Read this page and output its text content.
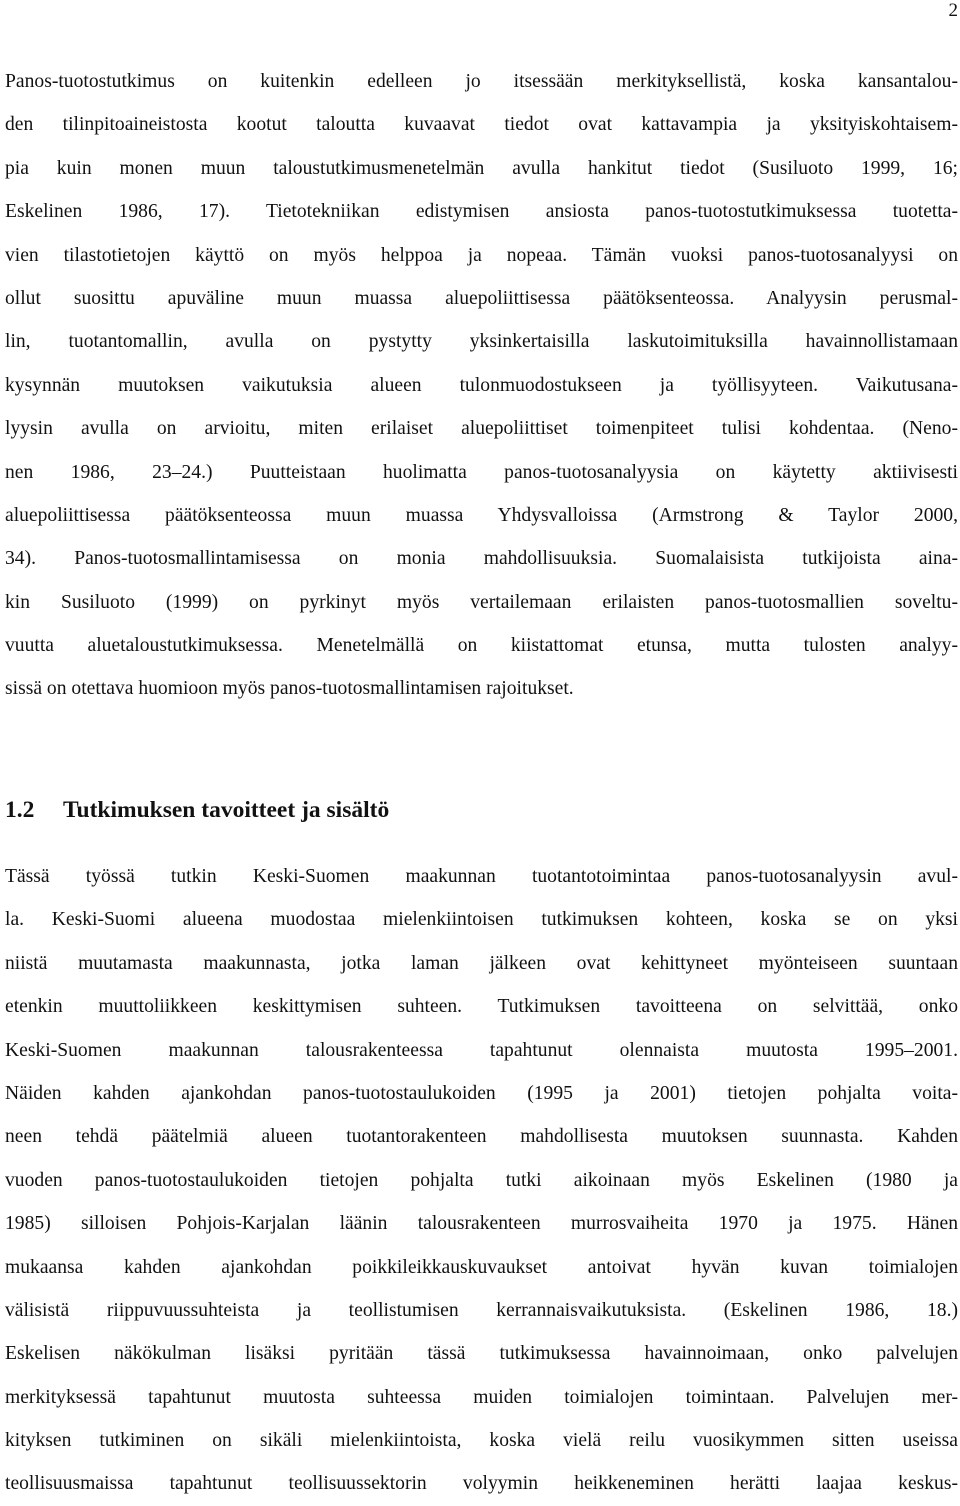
2
Panos-tuotostutkimus on kuitenkin edelleen jo itsessään merkityksellistä, koska kansantalou-
den tilinpitoaineistosta kootut taloutta kuvaavat tiedot ovat kattavampia ja yksityiskohtaisem-
pia kuin monen muun taloustutkimusmenetelmän avulla hankitut tiedot (Susiluoto 1999, 16;
Eskelinen 1986, 17). Tietotekniikan edistymisen ansiosta panos-tuotostutkimuksessa tuotetta-
vien tilastotietojen käyttö on myös helppoa ja nopeaa. Tämän vuoksi panos-tuotosanalyysi on
ollut suosittu apuväline muun muassa aluepoliittisessa päätöksenteossa. Analyysin perusmal-
lin, tuotantomallin, avulla on pystytty yksinkertaisilla laskutoimituksilla havainnollistamaan
kysynnän muutoksen vaikutuksia alueen tulonmuodostukseen ja työllisyyteen. Vaikutusana-
lyysin avulla on arvioitu, miten erilaiset aluepoliittiset toimenpiteet tulisi kohdentaa. (Neno-
nen 1986, 23–24.) Puutteistaan huolimatta panos-tuotosanalyysia on käytetty aktiivisesti
aluepoliittisessa päätöksenteossa muun muassa Yhdysvalloissa (Armstrong & Taylor 2000,
34). Panos-tuotosmallintamisessa on monia mahdollisuuksia. Suomalaisista tutkijoista aina-
kin Susiluoto (1999) on pyrkinyt myös vertailemaan erilaisten panos-tuotosmallien soveltu-
vuutta aluetaloustutkimuksessa. Menetelmällä on kiistattomat etunsa, mutta tulosten analyy-
sissä on otettava huomioon myös panos-tuotosmallintamisen rajoitukset.
1.2 Tutkimuksen tavoitteet ja sisältö
Tässä työssä tutkin Keski-Suomen maakunnan tuotantotoimintaa panos-tuotosanalyysin avul-
la. Keski-Suomi alueena muodostaa mielenkiintoisen tutkimuksen kohteen, koska se on yksi
niistä muutamasta maakunnasta, jotka laman jälkeen ovat kehittyneet myönteiseen suuntaan
etenkin muuttoliikkeen keskittymisen suhteen. Tutkimuksen tavoitteena on selvittää, onko
Keski-Suomen maakunnan talousrakenteessa tapahtunut olennaista muutosta 1995–2001.
Näiden kahden ajankohdan panos-tuotostaulukoiden (1995 ja 2001) tietojen pohjalta voita-
neen tehdä päätelmiä alueen tuotantorakenteen mahdollisesta muutoksen suunnasta. Kahden
vuoden panos-tuotostaulukoiden tietojen pohjalta tutki aikoinaan myös Eskelinen (1980 ja
1985) silloisen Pohjois-Karjalan läänin talousrakenteen murrosvaiheita 1970 ja 1975. Hänen
mukaansa kahden ajankohdan poikkileikkauskuvaukset antoivat hyvän kuvan toimialojen
välisistä riippuvuussuhteista ja teollistumisen kerrannaisvaikutuksista. (Eskelinen 1986, 18.)
Eskelisen näkökulman lisäksi pyritään tässä tutkimuksessa havainnoimaan, onko palvelujen
merkityksessä tapahtunut muutosta suhteessa muiden toimialojen toimintaan. Palvelujen mer-
kityksen tutkiminen on sikäli mielenkiintoista, koska vielä reilu vuosikymmen sitten useissa
teollisuusmaissa tapahtunut teollisuussektorin volyymin heikkeneminen herätti laajaa keskus-
